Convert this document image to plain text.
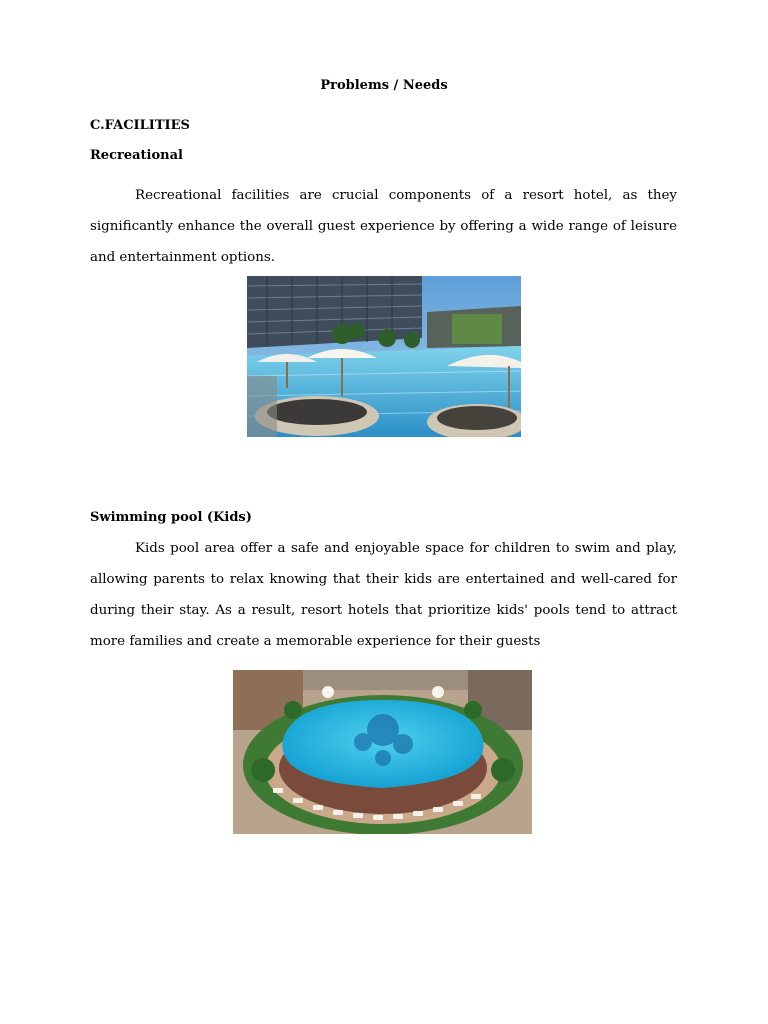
Problems / Needs
C.FACILITIES
Recreational

Recreational facilities are crucial components of a resort hotel, as they significantly enhance the overall guest experience by offering a wide range of leisure and entertainment options.

Swimming pool (Kids)

Kids pool area offer a safe and enjoyable space for children to swim and play, allowing parents to relax knowing that their kids are entertained and well-cared for during their stay. As a result, resort hotels that prioritize kids' pools tend to attract more families and create a memorable experience for their guests
